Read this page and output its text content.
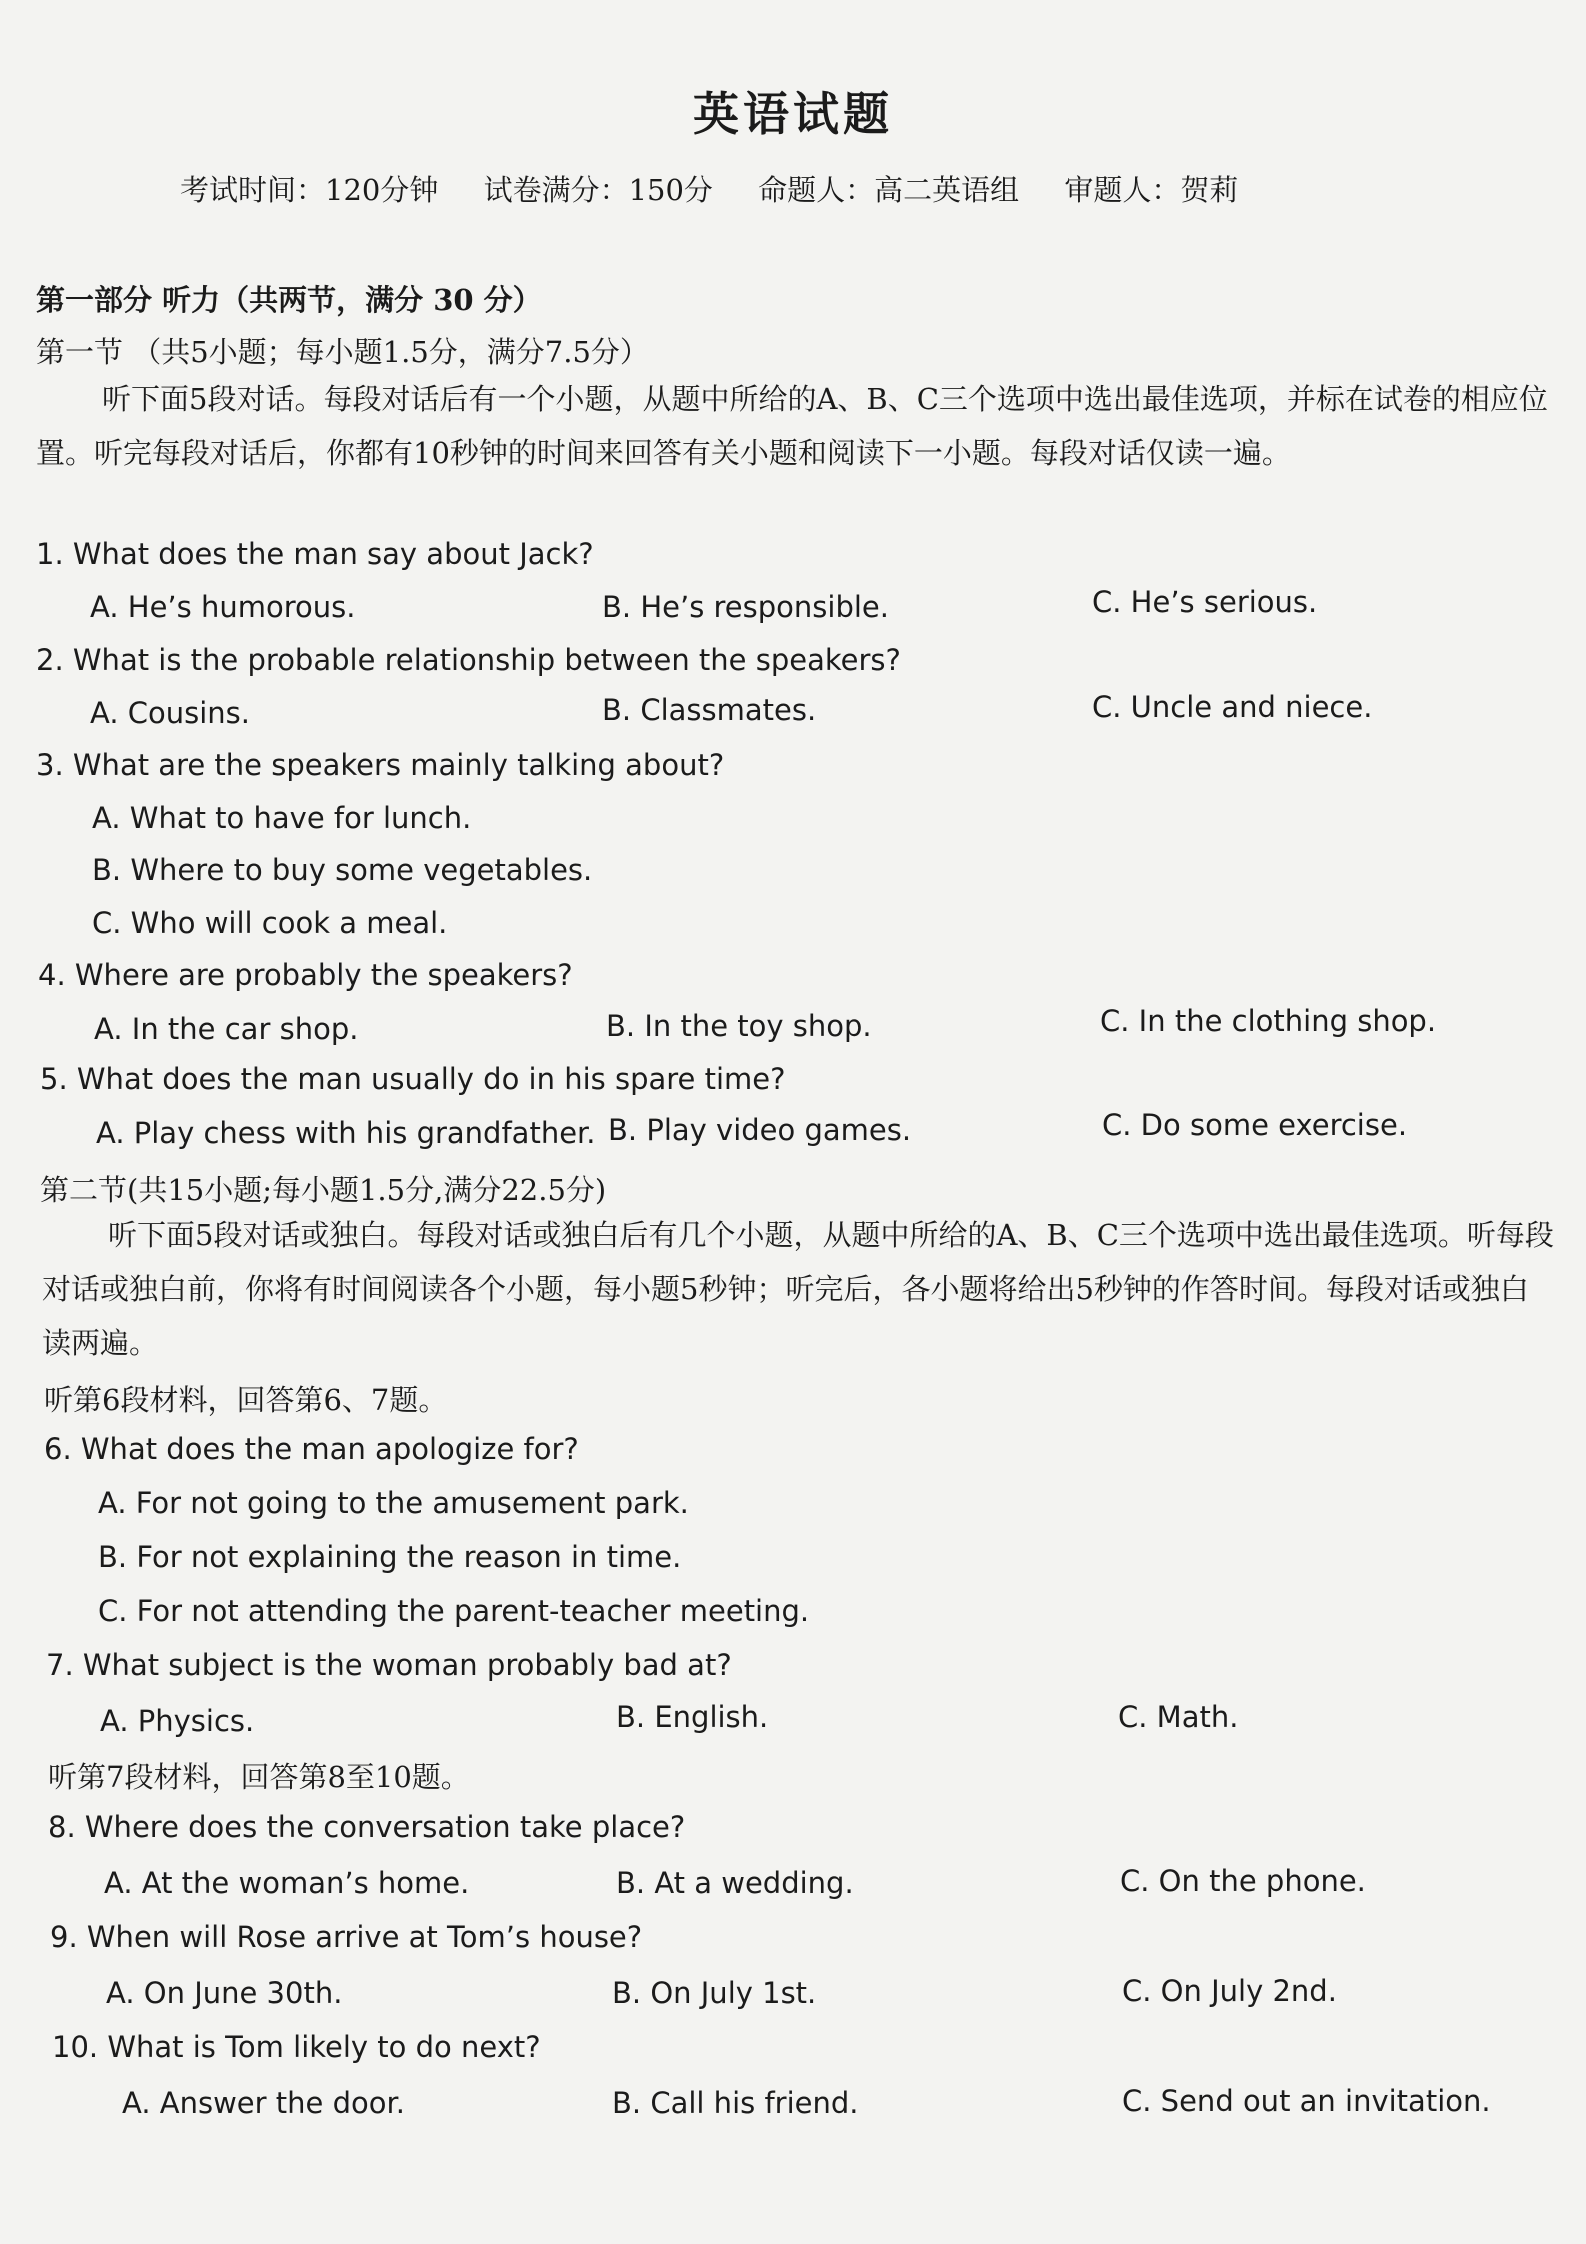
英语试题
考试时间：120分钟 试卷满分：150分 命题人：高二英语组 审题人：贺莉
第一部分 听力（共两节，满分 30 分）
第一节 （共5小题；每小题1.5分，满分7.5分）
听下面5段对话。每段对话后有一个小题，从题中所给的A、B、C三个选项中选出最佳选项，并标在试卷的相应位置。听完每段对话后，你都有10秒钟的时间来回答有关小题和阅读下一小题。每段对话仅读一遍。
1. What does the man say about Jack?
A. He’s humorous.	B. He’s responsible.	C. He’s serious.
2. What is the probable relationship between the speakers?
A. Cousins.	B. Classmates.	C. Uncle and niece.
3. What are the speakers mainly talking about?
A. What to have for lunch.
B. Where to buy some vegetables.
C. Who will cook a meal.
4. Where are probably the speakers?
A. In the car shop.	B. In the toy shop.	C. In the clothing shop.
5. What does the man usually do in his spare time?
A. Play chess with his grandfather. B. Play video games.	C. Do some exercise.
第二节(共15小题;每小题1.5分,满分22.5分)
听下面5段对话或独白。每段对话或独白后有几个小题，从题中所给的A、B、C三个选项中选出最佳选项。听每段对话或独白前，你将有时间阅读各个小题，每小题5秒钟；听完后，各小题将给出5秒钟的作答时间。每段对话或独白读两遍。
听第6段材料，回答第6、7题。
6. What does the man apologize for?
A. For not going to the amusement park.
B. For not explaining the reason in time.
C. For not attending the parent-teacher meeting.
7. What subject is the woman probably bad at?
A. Physics.	B. English.	C. Math.
听第7段材料，回答第8至10题。
8. Where does the conversation take place?
A. At the woman’s home.	B. At a wedding.	C. On the phone.
9. When will Rose arrive at Tom’s house?
A. On June 30th.	B. On July 1st.	C. On July 2nd.
10. What is Tom likely to do next?
A. Answer the door.	B. Call his friend.	C. Send out an invitation.
